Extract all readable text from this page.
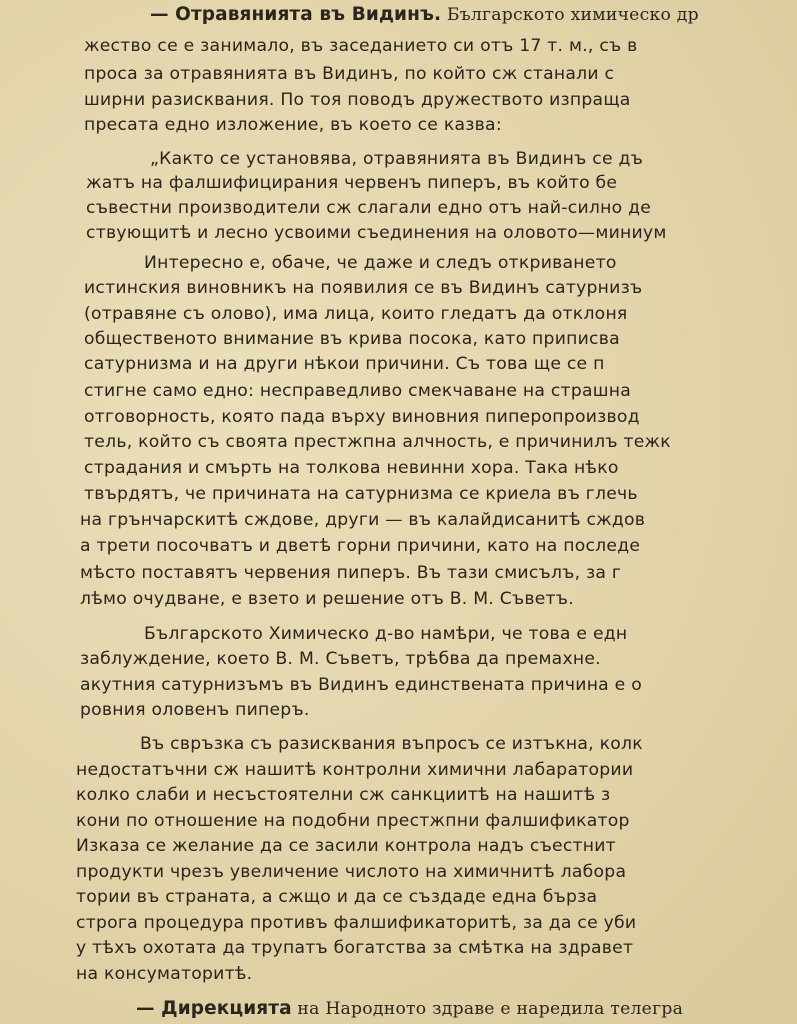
— Отравянията въ Видинъ. Българското химическо др
жество се е занимало, въ заседанието си отъ 17 т. м., съ в
проса за отравянията въ Видинъ, по който сж станали с
ширни разисквания. По тоя поводъ дружеството изпраща
пресата едно изложение, въ което се казва:
„Както се установява, отравянията въ Видинъ се дъ
жатъ на фалшифицирания червенъ пиперъ, въ който бе
съвестни производители сж слагали едно отъ най-силно де
ствующитѣ и лесно усвоими съединения на оловото—миниум
Интересно е, обаче, че даже и следъ откриването
истинския виновникъ на появилия се въ Видинъ сатурнизъ
(отравяне съ олово), има лица, които гледатъ да отклоня
общественото внимание въ крива посока, като приписва
сатурнизма и на други нѣкои причини. Съ това ще се п
стигне само едно: несправедливо смекчаване на страшна
отговорность, която пада върху виновния пиперопроизвод
тель, който съ своята престжпна алчность, е причинилъ тежк
страдания и смърть на толкова невинни хора. Така нѣко
твърдятъ, че причината на сатурнизма се криела въ глечь
на грънчарскитѣ сждове, други — въ калайдисанитѣ сждов
а трети посочватъ и дветѣ горни причини, като на последе
мѣсто поставятъ червения пиперъ. Въ тази смисълъ, за г
лѣмо очудване, е взето и решение отъ В. М. Съветъ.
Българското Химическо д-во намѣри, че това е едн
заблуждение, което В. М. Съветъ, трѣбва да премахне.
акутния сатурнизъмъ въ Видинъ единствената причина е о
ровния оловенъ пиперъ.
Въ свръзка съ разисквания въпросъ се изтъкна, колк
недостатъчни сж нашитѣ контролни химични лабаратории
колко слаби и несъстоятелни сж санкциитѣ на нашитѣ з
кони по отношение на подобни престжпни фалшификатор
Изказа се желание да се засили контрола надъ съестнит
продукти чрезъ увеличение числото на химичнитѣ лабора
тории въ страната, а сжщо и да се създаде една бърза
строга процедура противъ фалшификаторитѣ, за да се уби
у тѣхъ охотата да трупатъ богатства за смѣтка на здравет
на консуматоритѣ.
— Дирекцията на Народното здраве е наредила телегра
